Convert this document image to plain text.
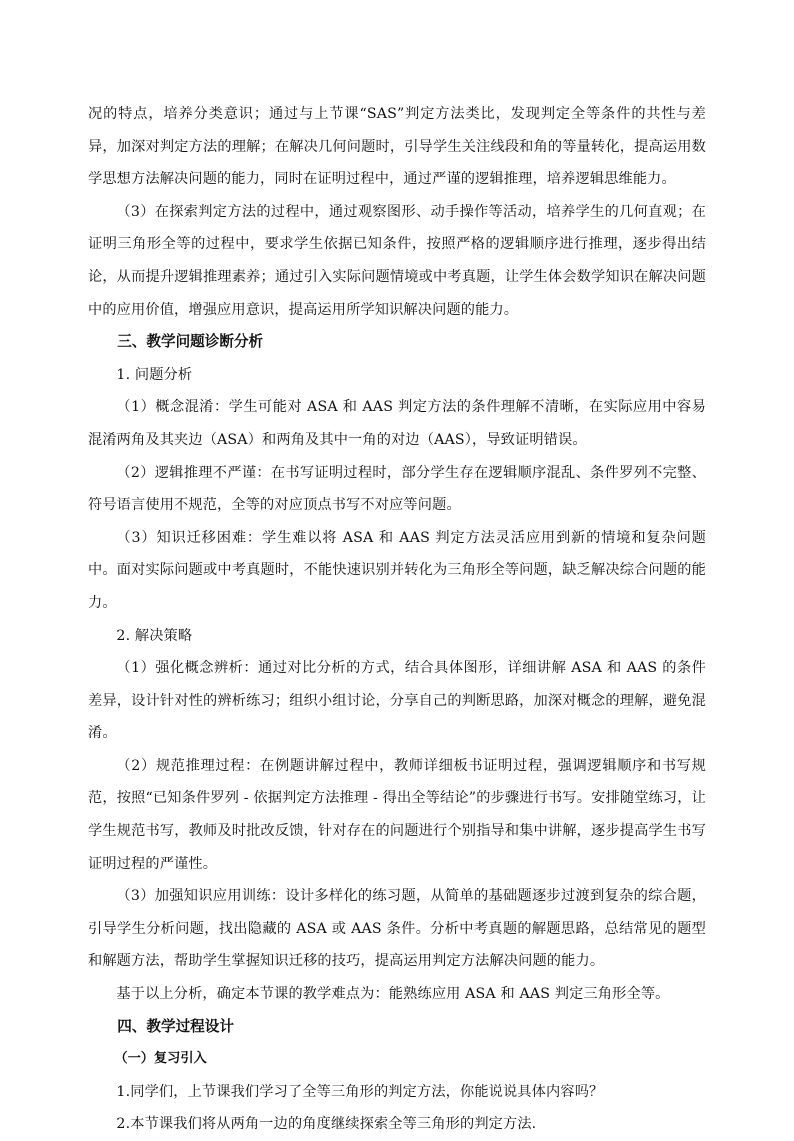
况的特点，培养分类意识；通过与上节课“SAS”判定方法类比，发现判定全等条件的共性与差异，加深对判定方法的理解；在解决几何问题时，引导学生关注线段和角的等量转化，提高运用数学思想方法解决问题的能力，同时在证明过程中，通过严谨的逻辑推理，培养逻辑思维能力。

（3）在探索判定方法的过程中，通过观察图形、动手操作等活动，培养学生的几何直观；在证明三角形全等的过程中，要求学生依据已知条件，按照严格的逻辑顺序进行推理，逐步得出结论，从而提升逻辑推理素养；通过引入实际问题情境或中考真题，让学生体会数学知识在解决问题中的应用价值，增强应用意识，提高运用所学知识解决问题的能力。

三、教学问题诊断分析

1. 问题分析

（1）概念混淆：学生可能对 ASA 和 AAS 判定方法的条件理解不清晰，在实际应用中容易混淆两角及其夹边（ASA）和两角及其中一角的对边（AAS），导致证明错误。

（2）逻辑推理不严谨：在书写证明过程时，部分学生存在逻辑顺序混乱、条件罗列不完整、符号语言使用不规范，全等的对应顶点书写不对应等问题。

（3）知识迁移困难：学生难以将 ASA 和 AAS 判定方法灵活应用到新的情境和复杂问题中。面对实际问题或中考真题时，不能快速识别并转化为三角形全等问题，缺乏解决综合问题的能力。

2. 解决策略

（1）强化概念辨析：通过对比分析的方式，结合具体图形，详细讲解 ASA 和 AAS 的条件差异，设计针对性的辨析练习；组织小组讨论，分享自己的判断思路，加深对概念的理解，避免混淆。

（2）规范推理过程：在例题讲解过程中，教师详细板书证明过程，强调逻辑顺序和书写规范，按照“已知条件罗列 - 依据判定方法推理 - 得出全等结论”的步骤进行书写。安排随堂练习，让学生规范书写，教师及时批改反馈，针对存在的问题进行个别指导和集中讲解，逐步提高学生书写证明过程的严谨性。

（3）加强知识应用训练：设计多样化的练习题，从简单的基础题逐步过渡到复杂的综合题，引导学生分析问题，找出隐藏的 ASA 或 AAS 条件。分析中考真题的解题思路，总结常见的题型和解题方法，帮助学生掌握知识迁移的技巧，提高运用判定方法解决问题的能力。

基于以上分析，确定本节课的教学难点为：能熟练应用 ASA 和 AAS 判定三角形全等。

四、教学过程设计

（一）复习引入

1.同学们，上节课我们学习了全等三角形的判定方法，你能说说具体内容吗？

2.本节课我们将从两角一边的角度继续探索全等三角形的判定方法.
